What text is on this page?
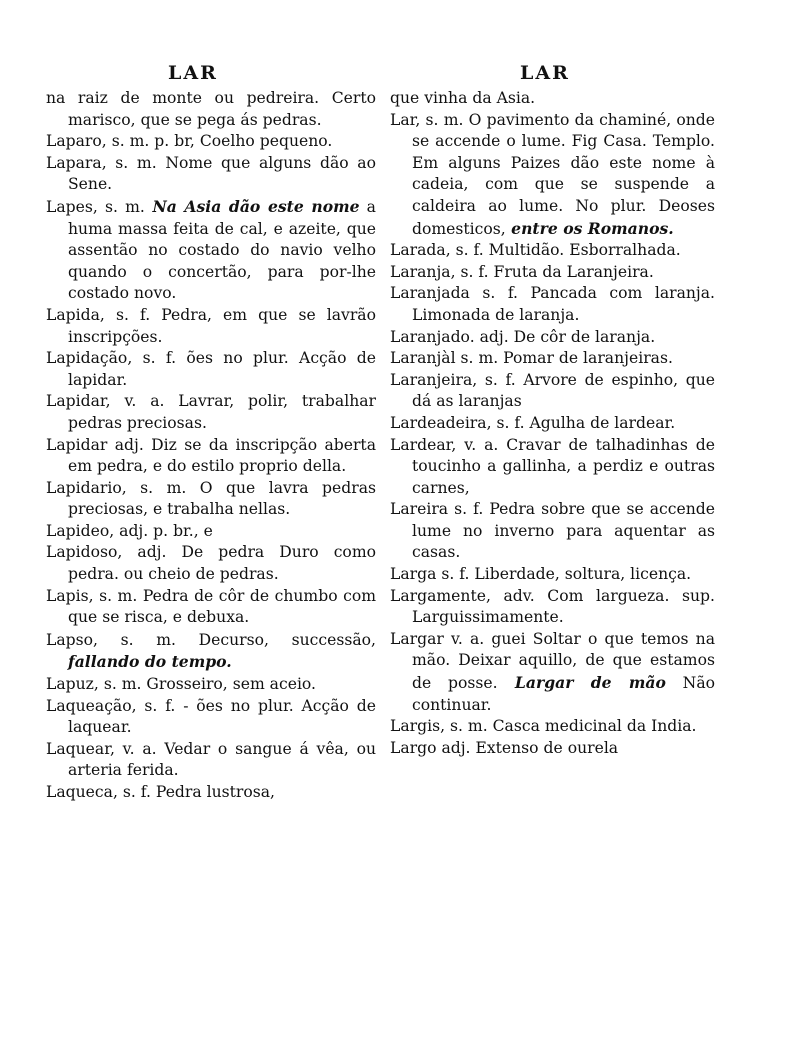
LAR	LAR

na raiz de monte ou pedreira. Certo marisco, que se pega ás pedras.

Laparo, s. m. p. br, Coelho pequeno.

Lapara, s. m. Nome que alguns dão ao Sene.

Lapes, s. m. Na Asia dão este nome a huma massa feita de cal, e azeite, que assentão no costado do navio velho quando o concertão, para por-lhe costado novo.

Lapida, s. f. Pedra, em que se lavrão inscripções.

Lapidação, s. f. ões no plur. Acção de lapidar.

Lapidar, v. a. Lavrar, polir, trabalhar pedras preciosas.

Lapidar adj. Diz se da inscripção aberta em pedra, e do estilo proprio della.

Lapidario, s. m. O que lavra pedras preciosas, e trabalha nellas.

Lapideo, adj. p. br., e

Lapidoso, adj. De pedra Duro como pedra. ou cheio de pedras.

Lapis, s. m. Pedra de côr de chumbo com que se risca, e debuxa.

Lapso, s. m. Decurso, successão, fallando do tempo.

Lapuz, s. m. Grosseiro, sem aceio.

Laqueação, s. f. - ões no plur. Acção de laquear.

Laquear, v. a. Vedar o sangue á vêa, ou arteria ferida.

Laqueca, s. f. Pedra lustrosa,

que vinha da Asia.

Lar, s. m. O pavimento da chaminé, onde se accende o lume. Fig Casa. Templo. Em alguns Paizes dão este nome à cadeia, com que se suspende a caldeira ao lume. No plur. Deoses domesticos, entre os Romanos.

Larada, s. f. Multidão. Esborralhada.

Laranja, s. f. Fruta da Laranjeira.

Laranjada s. f. Pancada com laranja. Limonada de laranja.

Laranjado. adj. De côr de laranja.

Laranjàl s. m. Pomar de laranjeiras.

Laranjeira, s. f. Arvore de espinho, que dá as laranjas

Lardeadeira, s. f. Agulha de lardear.

Lardear, v. a. Cravar de talhadinhas de toucinho a gallinha, a perdiz e outras carnes,

Lareira s. f. Pedra sobre que se accende lume no inverno para aquentar as casas.

Larga s. f. Liberdade, soltura, licença.

Largamente, adv. Com largueza. sup. Larguissimamente.

Largar v. a. guei Soltar o que temos na mão. Deixar aquillo, de que estamos de posse. Largar de mão Não continuar.

Largis, s. m. Casca medicinal da India.

Largo adj. Extenso de ourela
